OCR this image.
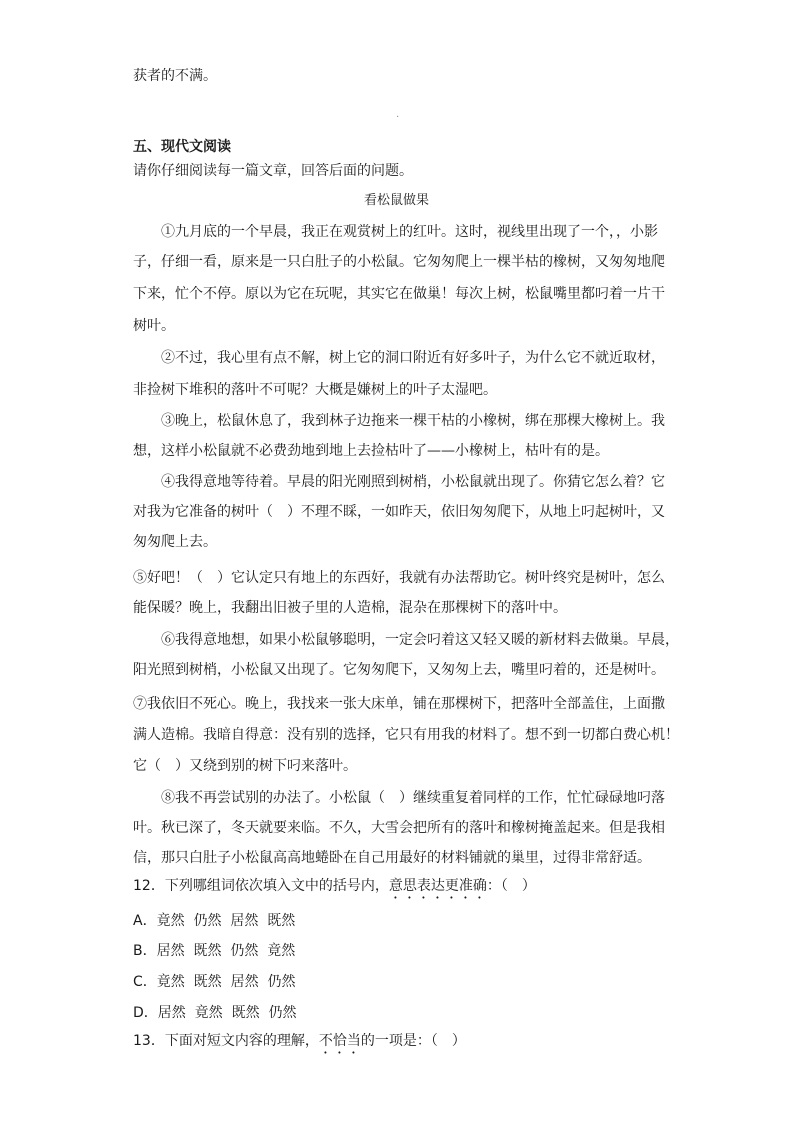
获者的不满。
·
五、现代文阅读
请你仔细阅读每一篇文章，回答后面的问题。
看松鼠做果
①九月底的一个早晨，我正在观赏树上的红叶。这时，视线里出现了一个，，小影
子，仔细一看，原来是一只白肚子的小松鼠。它匆匆爬上一棵半枯的橡树，又匆匆地爬
下来，忙个不停。原以为它在玩呢，其实它在做巢！每次上树，松鼠嘴里都叼着一片干
树叶。
②不过，我心里有点不解，树上它的洞口附近有好多叶子，为什么它不就近取材，
非捡树下堆积的落叶不可呢？大概是嫌树上的叶子太湿吧。
③晚上，松鼠休息了，我到林子边拖来一棵干枯的小橡树，绑在那棵大橡树上。我
想，这样小松鼠就不必费劲地到地上去捡枯叶了——小橡树上，枯叶有的是。
④我得意地等待着。早晨的阳光刚照到树梢，小松鼠就出现了。你猜它怎么着？它
对我为它准备的树叶（　）不理不睬，一如昨天，依旧匆匆爬下，从地上叼起树叶，又
匆匆爬上去。
⑤好吧！（　）它认定只有地上的东西好，我就有办法帮助它。树叶终究是树叶，怎么
能保暖？晚上，我翻出旧被子里的人造棉，混杂在那棵树下的落叶中。
⑥我得意地想，如果小松鼠够聪明，一定会叼着这又轻又暖的新材料去做巢。早晨，
阳光照到树梢，小松鼠又出现了。它匆匆爬下，又匆匆上去，嘴里叼着的，还是树叶。
⑦我依旧不死心。晚上，我找来一张大床单，铺在那棵树下，把落叶全部盖住，上面撒
满人造棉。我暗自得意：没有别的选择，它只有用我的材料了。想不到一切都白费心机！
它（　）又绕到别的树下叼来落叶。
⑧我不再尝试别的办法了。小松鼠（　）继续重复着同样的工作，忙忙碌碌地叼落
叶。秋已深了，冬天就要来临。不久，大雪会把所有的落叶和橡树掩盖起来。但是我相
信，那只白肚子小松鼠高高地蜷卧在自己用最好的材料铺就的巢里，过得非常舒适。
12．下列哪组词依次填入文中的括号内，意思表达更准确：（　）
A．竟然  仍然  居然  既然
B．居然  既然  仍然  竟然
C．竟然  既然  居然  仍然
D．居然  竟然  既然  仍然
13．下面对短文内容的理解，不恰当的一项是：（　）
